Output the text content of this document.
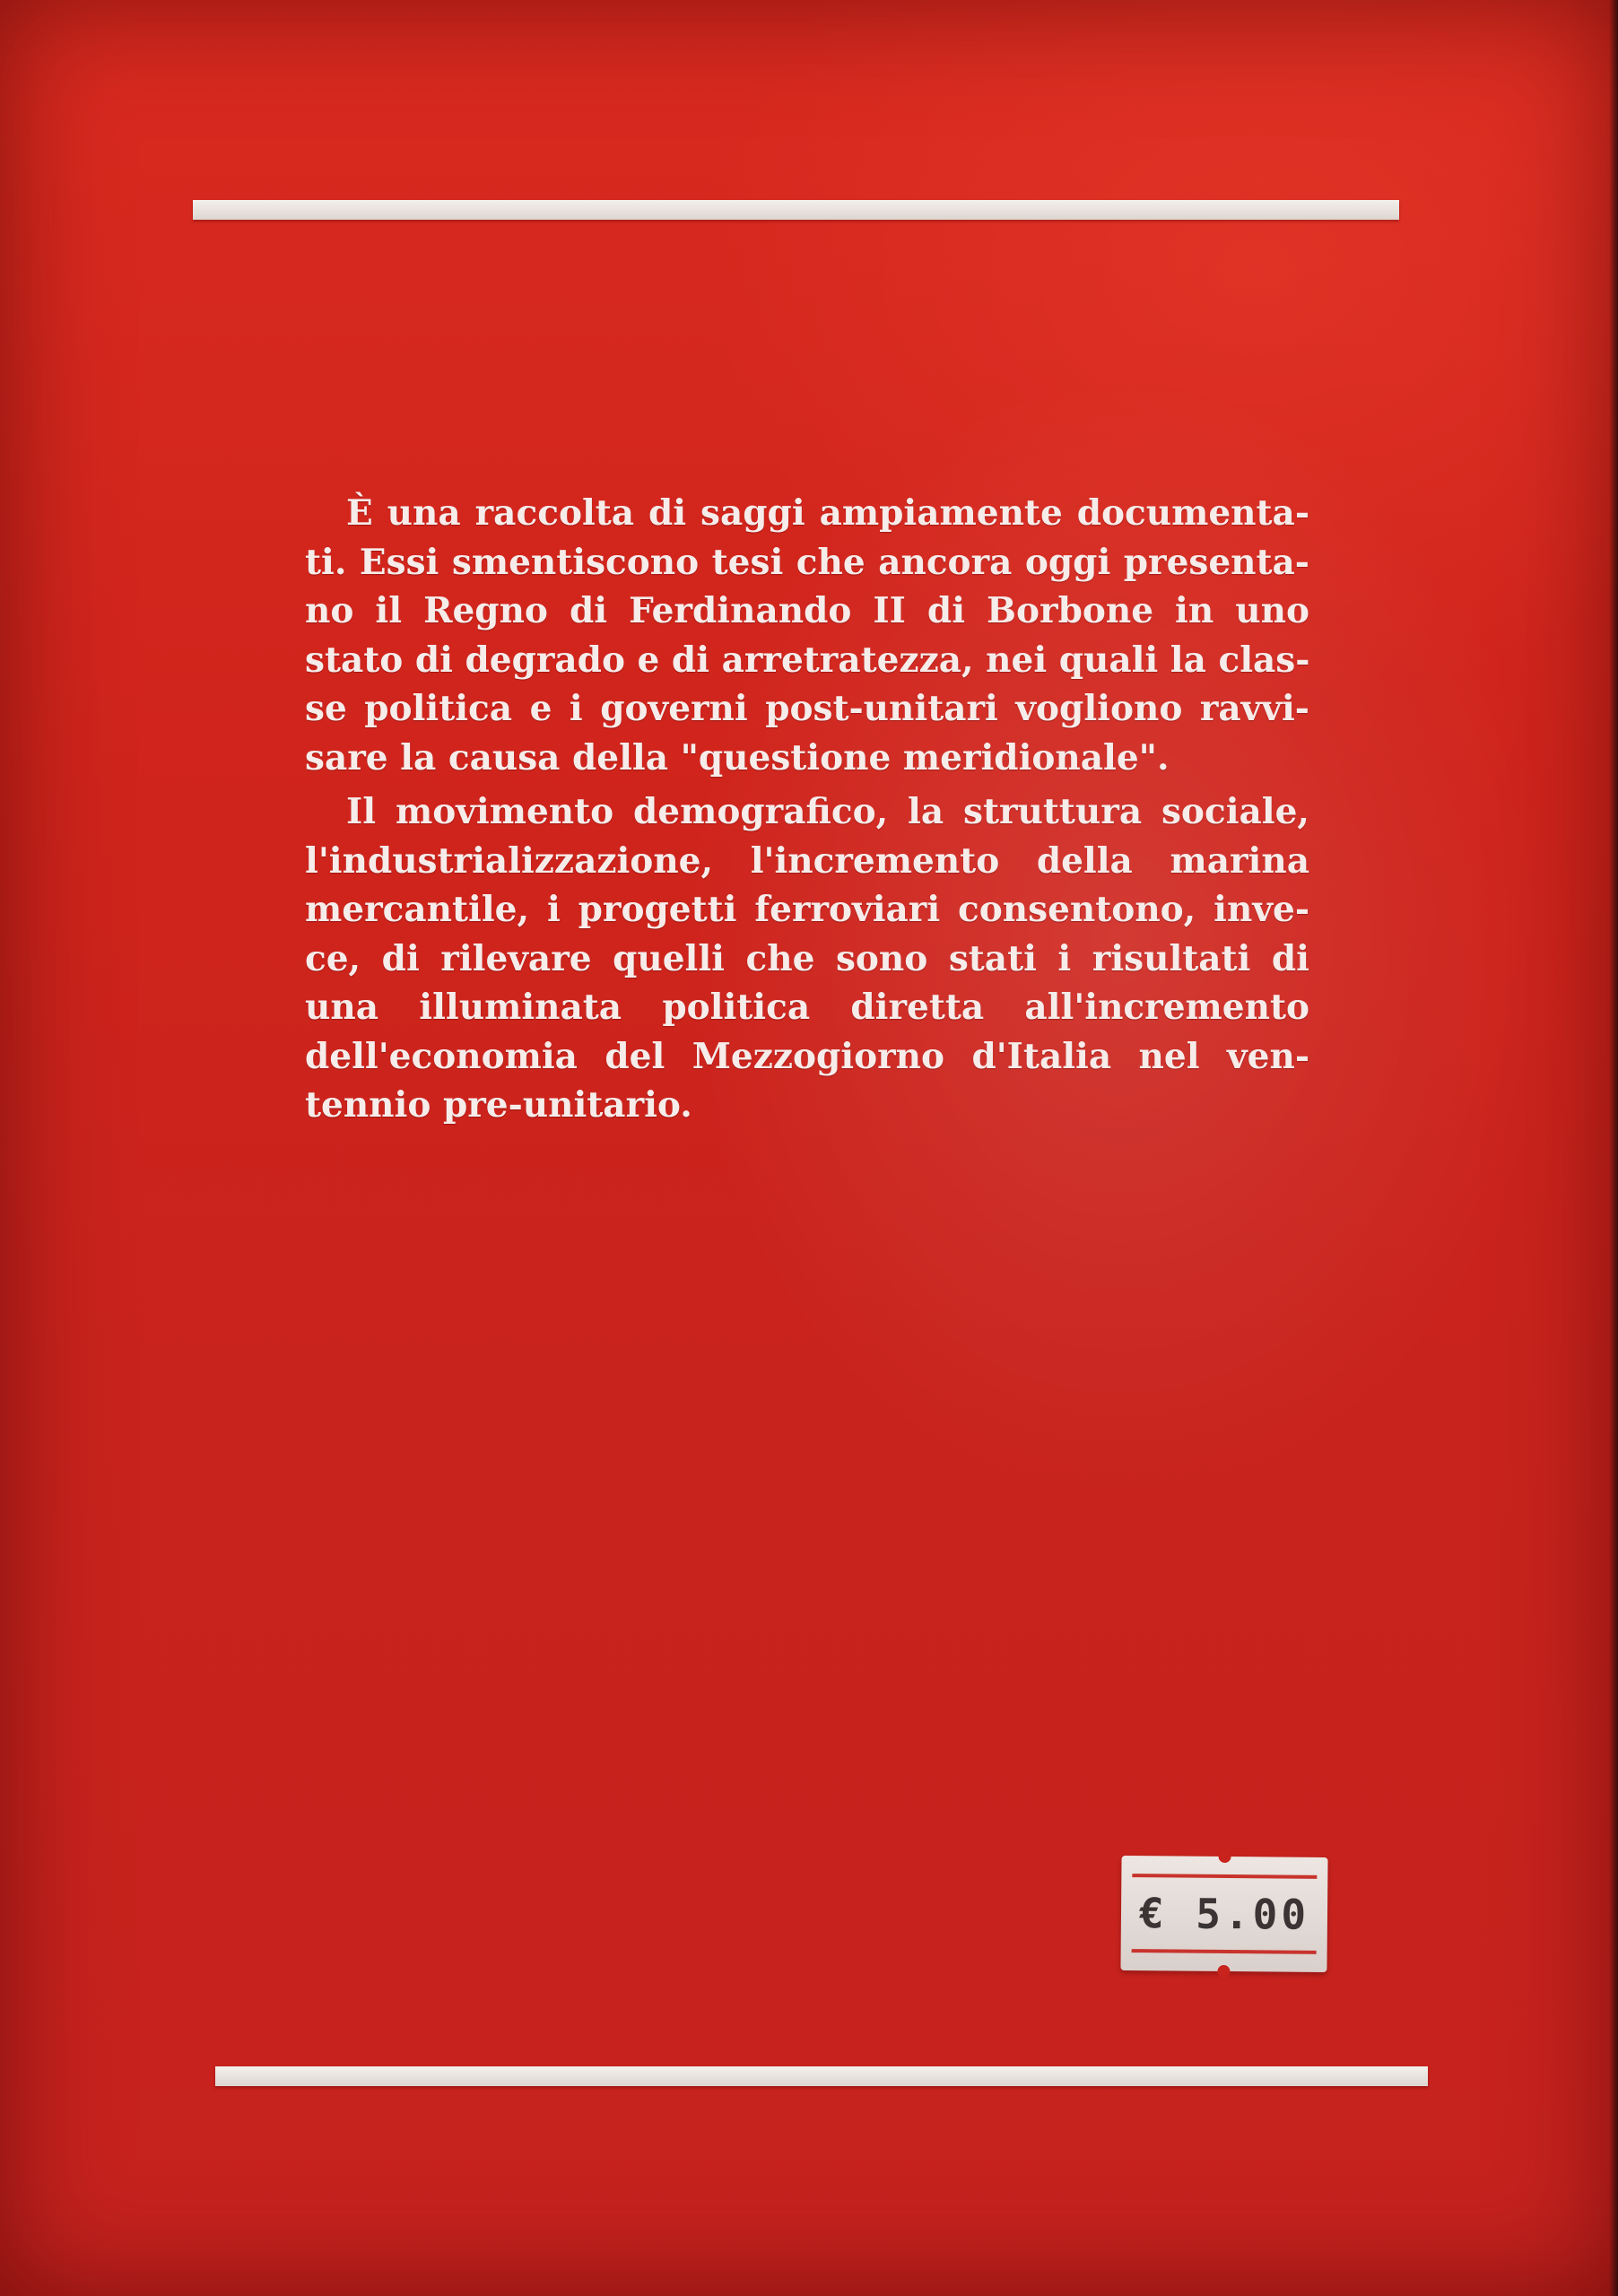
È una raccolta di saggi ampiamente documenta-
ti. Essi smentiscono tesi che ancora oggi presenta-
no il Regno di Ferdinando II di Borbone in uno
stato di degrado e di arretratezza, nei quali la clas-
se politica e i governi post-unitari vogliono ravvi-
sare la causa della "questione meridionale".
Il movimento demografico, la struttura sociale,
l'industrializzazione, l'incremento della marina
mercantile, i progetti ferroviari consentono, inve-
ce, di rilevare quelli che sono stati i risultati di
una illuminata politica diretta all'incremento
dell'economia del Mezzogiorno d'Italia nel ven-
tennio pre-unitario.
€ 5.00
